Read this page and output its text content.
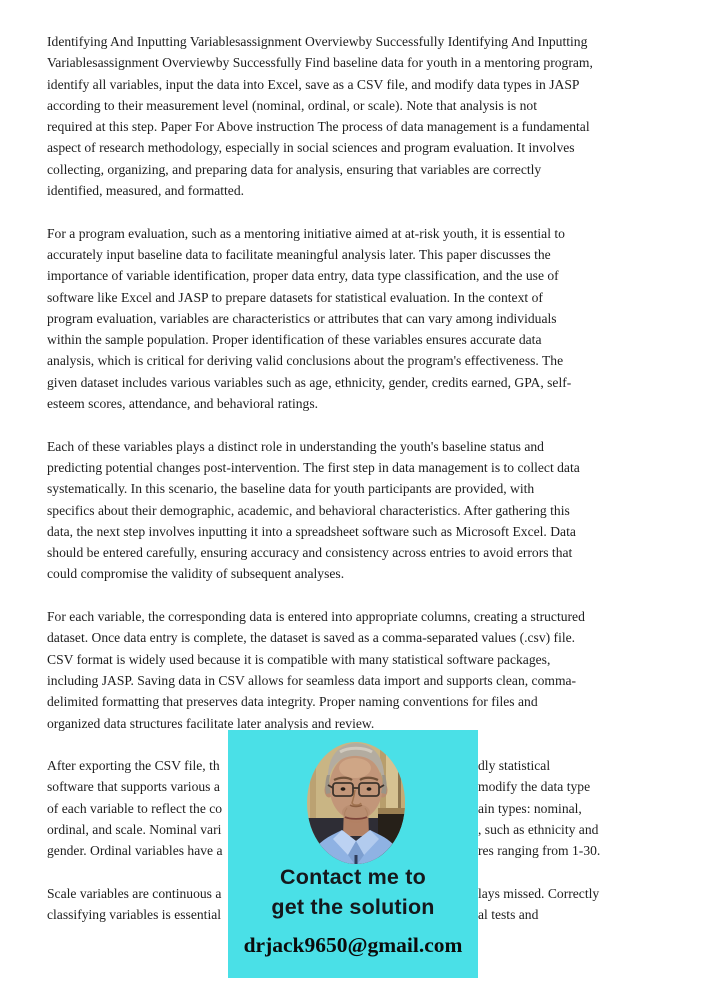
Identifying And Inputting Variablesassignment Overviewby Successfully Identifying And Inputting
Variablesassignment Overviewby Successfully Find baseline data for youth in a mentoring program,
identify all variables, input the data into Excel, save as a CSV file, and modify data types in JASP
according to their measurement level (nominal, ordinal, or scale). Note that analysis is not
required at this step. Paper For Above instruction The process of data management is a fundamental
aspect of research methodology, especially in social sciences and program evaluation. It involves
collecting, organizing, and preparing data for analysis, ensuring that variables are correctly
identified, measured, and formatted.
For a program evaluation, such as a mentoring initiative aimed at at-risk youth, it is essential to
accurately input baseline data to facilitate meaningful analysis later. This paper discusses the
importance of variable identification, proper data entry, data type classification, and the use of
software like Excel and JASP to prepare datasets for statistical evaluation. In the context of
program evaluation, variables are characteristics or attributes that can vary among individuals
within the sample population. Proper identification of these variables ensures accurate data
analysis, which is critical for deriving valid conclusions about the program's effectiveness. The
given dataset includes various variables such as age, ethnicity, gender, credits earned, GPA, self-
esteem scores, attendance, and behavioral ratings.
Each of these variables plays a distinct role in understanding the youth's baseline status and
predicting potential changes post-intervention. The first step in data management is to collect data
systematically. In this scenario, the baseline data for youth participants are provided, with
specifics about their demographic, academic, and behavioral characteristics. After gathering this
data, the next step involves inputting it into a spreadsheet software such as Microsoft Excel. Data
should be entered carefully, ensuring accuracy and consistency across entries to avoid errors that
could compromise the validity of subsequent analyses.
For each variable, the corresponding data is entered into appropriate columns, creating a structured
dataset. Once data entry is complete, the dataset is saved as a comma-separated values (.csv) file.
CSV format is widely used because it is compatible with many statistical software packages,
including JASP. Saving data in CSV allows for seamless data import and supports clean, comma-
delimited formatting that preserves data integrity. Proper naming conventions for files and
organized data structures facilitate later analysis and review.
After exporting the CSV file, th	dly statistical
software that supports various a	modify the data type
of each variable to reflect the co	ain types: nominal,
ordinal, and scale. Nominal vari	, such as ethnicity and
gender. Ordinal variables have a	res ranging from 1-30.
Scale variables are continuous a	lays missed. Correctly
classifying variables is essential	al tests and
Contact me to
get the solution
drjack9650@gmail.com
